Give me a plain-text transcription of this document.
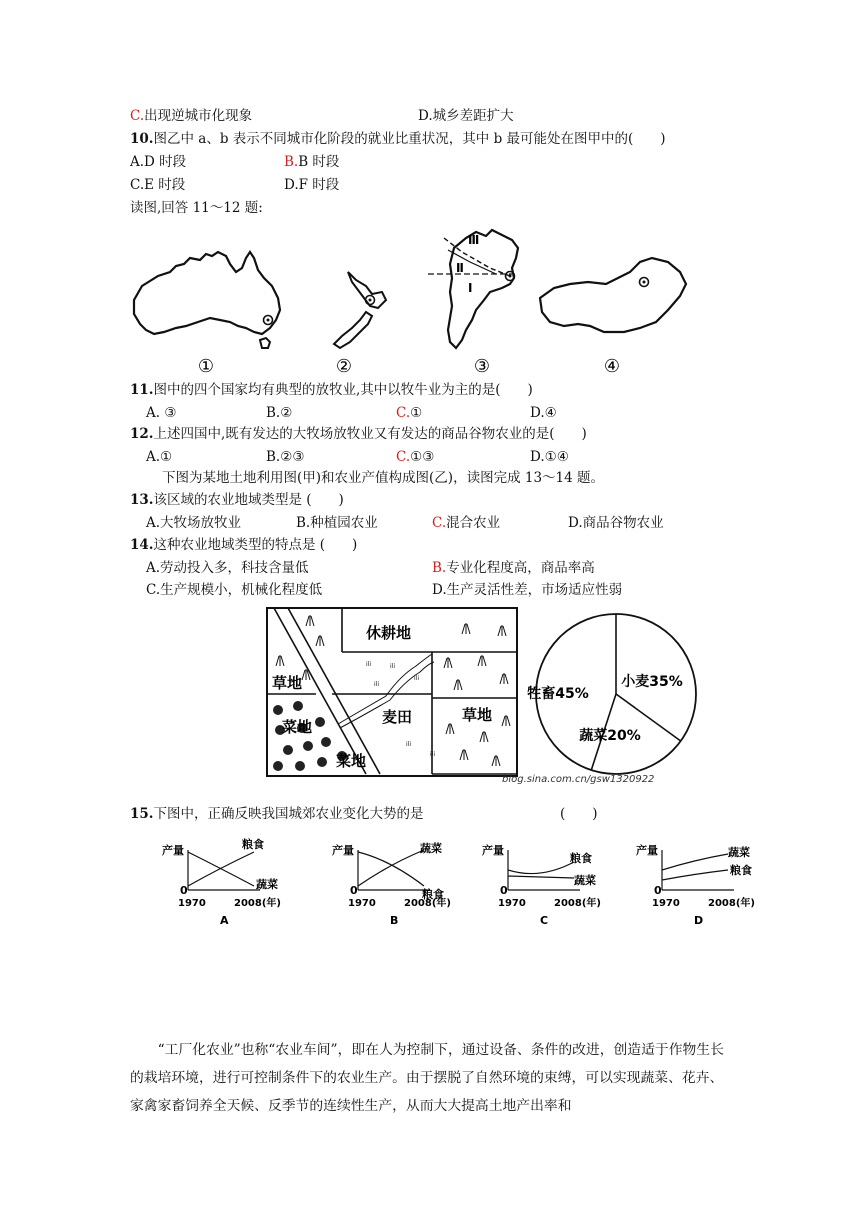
C.出现逆城市化现象	D.城乡差距扩大
10.图乙中 a、b 表示不同城市化阶段的就业比重状况，其中 b 最可能处在图甲中的(　　)
A.D 时段	B.B 时段
C.E 时段	D.F 时段
读图,回答 11～12 题:
Ⅲ
Ⅱ
Ⅰ
①	②	③	④
11.图中的四个国家均有典型的放牧业,其中以牧牛业为主的是(　　)
A. ③	B.②	C.①	D.④
12.上述四国中,既有发达的大牧场放牧业又有发达的商品谷物农业的是(　　)
A.①	B.②③	C.①③	D.①④
下图为某地土地利用图(甲)和农业产值构成图(乙)，读图完成 13～14 题。
13.该区域的农业地域类型是 (　　)
A.大牧场放牧业	B.种植园农业	C.混合农业	D.商品谷物农业
14.这种农业地域类型的特点是 (　　)
A.劳动投入多，科技含量低	B.专业化程度高，商品率高
C.生产规模小，机械化程度低	D.生产灵活性差，市场适应性弱
ili	ili
ili
ili
ili
ili
休耕地
草地
菜地
麦田	草地
菜地
牲畜45%
小麦35%
蔬菜20%
blog.sina.com.cn/gsw1320922
15.下图中，正确反映我国城郊农业变化大势的是	(　　)
产量	粮食
蔬菜
0
1970	2008(年)
A
产量	蔬菜
粮食
0
1970	2008(年)
B
产量
粮食
蔬菜
0
1970	2008(年)
C
产量	蔬菜
粮食
0
1970	2008(年)
D
“工厂化农业”也称“农业车间”，即在人为控制下，通过设备、条件的改进，创造适于作物生长的栽培环境，进行可控制条件下的农业生产。由于摆脱了自然环境的束缚，可以实现蔬菜、花卉、家禽家畜饲养全天候、反季节的连续性生产，从而大大提高土地产出率和
